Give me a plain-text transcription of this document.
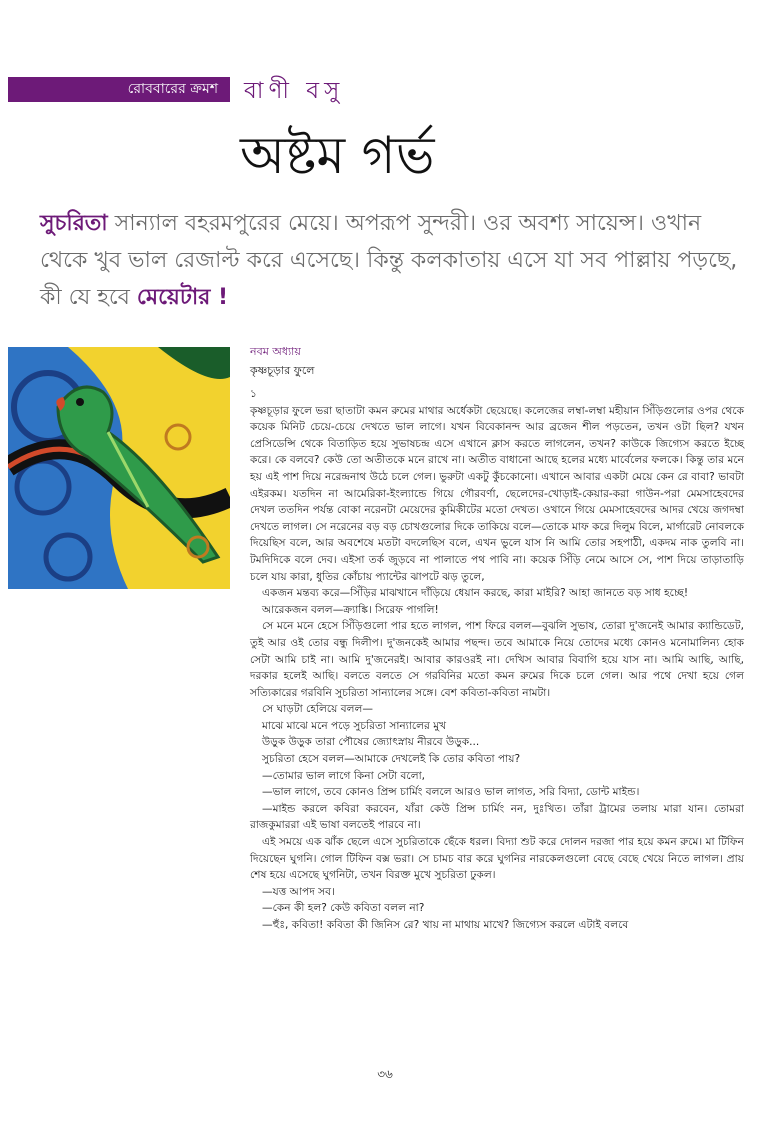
রোববারের ক্রমশ	বাণী বসু
অষ্টম গর্ভ
সুচরিতা সান্যাল বহরমপুরের মেয়ে। অপরূপ সুন্দরী। ওর অবশ্য সায়েন্স। ওখান থেকে খুব ভাল রেজাল্ট করে এসেছে। কিন্তু কলকাতায় এসে যা সব পাল্লায় পড়ছে, কী যে হবে মেয়েটার !
নবম অধ্যায়
কৃষ্ণচূড়ার ফুলে

১

কৃষ্ণচূড়ার ফুলে ভরা ছাতাটা কমন রুমের মাথার অর্ধেকটা ছেয়েছে। কলেজের লম্বা-লম্বা মহীয়ান সিঁড়িগুলোর ওপর থেকে কয়েক মিনিট চেয়ে-চেয়ে দেখতে ভাল লাগে। যখন বিবেকানন্দ আর ব্রজেন শীল পড়তেন, তখন ওটা ছিল? যখন প্রেসিডেন্সি থেকে বিতাড়িত হয়ে সুভাষচন্দ্র এসে এখানে ক্লাস করতে লাগলেন, তখন? কাউকে জিগ্যেস করতে ইচ্ছে করে। কে বলবে? কেউ তো অতীতকে মনে রাখে না। অতীত বাধানো আছে হলের মধ্যে মার্বেলের ফলকে। কিন্তু তার মনে হয় এই পাশ দিয়ে নরেন্দ্রনাথ উঠে চলে গেল। ভুরুটা একটু কুঁচকোনো। এখানে আবার একটা মেয়ে কেন রে বাবা? ভাবটা এইরকম। যতদিন না আমেরিকা-ইংল্যান্ডে গিয়ে গৌরবর্ণা, ছেলেদের-খোড়াই-কেয়ার-করা গাউন-পরা মেমসাহেবদের দেখল ততদিন পর্যন্ত বোকা নরেনটা মেয়েদের কুমিকীটের মতো দেখত। ওখানে গিয়ে মেমসাহেবদের আদর খেয়ে জগদম্বা দেখতে লাগল। সে নরেনের বড় বড় চোখগুলোর দিকে তাকিয়ে বলে—তোকে মাফ করে দিলুম বিলে, মার্গারেট নোবলকে দিয়েছিস বলে, আর অবশেষে মতটা বদলেছিস বলে, এখন ভুলে যাস নি আমি তোর সহপাঠী, একদম নাক তুলবি না। টমদিদিকে বলে দেব। এইসা তর্ক জুড়বে না পালাতে পথ পাবি না। কয়েক সিঁড়ি নেমে আসে সে, পাশ দিয়ে তাড়াতাড়ি চলে যায় কারা, ধুতির কোঁচায় প্যান্টের ঝাপটে ঝড় তুলে,

একজন মন্তব্য করে—সিঁড়ির মাঝখানে দাঁড়িয়ে ধেয়ান করছে, কারা মাইরি? আহা জানতে বড় সাধ হচ্ছে!

আরেকজন বলল—ক্র্যাঙ্কি। সিরেফ পাগলি!

সে মনে মনে হেসে সিঁড়িগুলো পার হতে লাগল, পাশ ফিরে বলল—বুঝলি সুভাষ, তোরা দু'জনেই আমার ক্যান্ডিডেট, তুই আর ওই তোর বন্ধু দিলীপ। দু'জনকেই আমার পছন্দ। তবে আমাকে নিয়ে তোদের মধ্যে কোনও মনোমালিন্য হোক সেটা আমি চাই না। আমি দু'জনেরই। আবার কারওরই না। দেখিস আবার বিবাগি হয়ে যাস না। আমি আছি, আছি, দরকার হলেই আছি। বলতে বলতে সে গরবিনির মতো কমন রুমের দিকে চলে গেল। আর পথে দেখা হয়ে গেল সত্যিকারের গরবিনি সুচরিতা সান্যালের সঙ্গে। বেশ কবিতা-কবিতা নামটা।

সে ঘাড়টা হেলিয়ে বলল—

মাঝে মাঝে মনে পড়ে সুচরিতা সান্যালের মুখ

উড়ুক উড়ুক তারা পৌষের জ্যোৎস্নায় নীরবে উড়ুক...

সুচরিতা হেসে বলল—আমাকে দেখলেই কি তোর কবিতা পায়?

—তোমার ভাল লাগে কিনা সেটা বলো,

—ভাল লাগে, তবে কোনও প্রিন্স চার্মিং বললে আরও ভাল লাগত, সরি বিদ্যা, ডোন্ট মাইন্ড।

—মাইন্ড করলে কবিরা করবেন, যাঁরা কেউ প্রিন্স চার্মিং নন, দুঃখিত। তাঁরা ট্রামের তলায় মারা যান। তোমরা রাজকুমাররা এই ভাষা বলতেই পারবে না।

এই সময়ে এক ঝাঁক ছেলে এসে সুচরিতাকে ছেঁকে ধরল। বিদ্যা শুট করে দোলন দরজা পার হয়ে কমন রুমে। মা টিফিন দিয়েছেন ঘুগনি। গোল টিফিন বক্স ভরা। সে চামচ বার করে ঘুগনির নারকেলগুলো বেছে বেছে খেয়ে নিতে লাগল। প্রায় শেষ হয়ে এসেছে ঘুগনিটা, তখন বিরক্ত মুখে সুচরিতা ঢুকল।

—যত্ত আপদ সব।

—কেন কী হল? কেউ কবিতা বলল না?

—হুঁঃ, কবিতা! কবিতা কী জিনিস রে? খায় না মাথায় মাখে? জিগ্যেস করলে এটাই বলবে

৩৬
